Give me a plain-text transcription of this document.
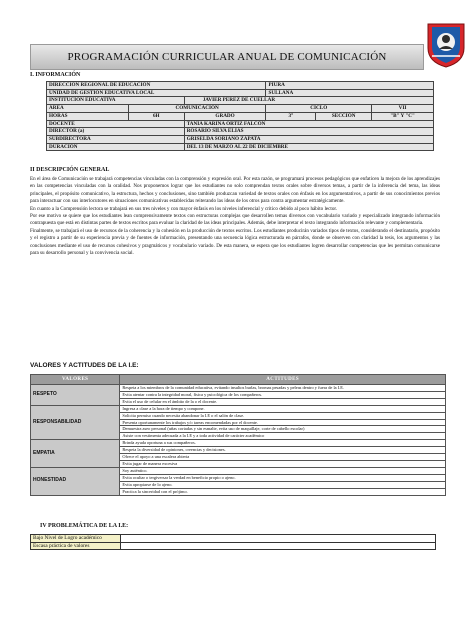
PROGRAMACIÓN CURRICULAR ANUAL DE COMUNICACIÓN
I. INFORMACIÓN
DIRECCIÓN REGIONAL DE EDUCACIÓN			PIURA		
UNIDAD DE GESTIÓN EDUCATIVA LOCAL			SULLANA		
INSTITUCIÓN EDUCATIVA		JAVIER PEREZ DE CUELLAR			
ÁREA	COMUNICACIÓN		CICLO		VII
HORAS	6H	GRADO	3°	SECCIÓN	"B" Y "C"
DOCENTE		TANIA KARINA ORTIZ FALCÓN			
DIRECTOR (a)		ROSARIO SILVA ELIAS			
SUBDIRECTORA		GRISELDA SORIANO ZAPATA			
DURACIÓN		DEL 13 DE MARZO AL 22 DE DICIEMBRE			
II DESCRIPCIÓN GENERAL

En el área de Comunicación se trabajará competencias vinculadas con la comprensión y expresión oral. Por esta razón, se programará procesos pedagógicos que enfaticen la mejora de los aprendizajes en las competencias vinculadas con la oralidad. Nos proponemos lograr que los estudiantes no solo comprendan textos orales sobre diversos temas, a partir de la inferencia del tema, las ideas principales, el propósito comunicativo, la estructura, hechos y conclusiones, sino también produzcan variedad de textos orales con énfasis en los argumentativos, a partir de sus conocimientos previos para interactuar con sus interlocutores en situaciones comunicativas establecidas reiterando las ideas de los otros para contra argumentar estratégicamente.

En cuanto a la Comprensión lectora se trabajará en sus tres niveles y con mayor énfasis en los niveles inferencial y crítico debido al poco hábito lector.

Por ese motivo se quiere que los estudiantes lean comprensivamente textos con estructuras complejas que desarrollen temas diversos con vocabulario variado y especializado integrando información contrapuesta que está en distintas partes de textos escritos para evaluar la claridad de las ideas principales. Además, debe interpretar el texto integrando información relevante y complementaria.

Finalmente, se trabajará el uso de recursos de la coherencia y la cohesión en la producción de textos escritos. Los estudiantes producirán variados tipos de textos, considerando el destinatario, propósito y el registro a partir de su experiencia previa y de fuentes de información, presentando una secuencia lógica estructurada en párrafos, donde se observen con claridad la tesis, los argumentos y las conclusiones mediante el uso de recursos cohesivos y pragmáticos y vocabulario variado. De esta manera, se espera que los estudiantes logren desarrollar competencias que les permitan comunicarse para su desarrollo personal y la convivencia social.

VALORES Y ACTITUDES DE LA I.E:
VALORES	ACTITUDES
RESPETO	Respeta a los miembros de la comunidad educativa, evitando insultos burlas, bromas pesadas y peleas dentro y fuera de la I.E.
	Evita atentar contra la integridad moral, física y psicológica de los compañeros.
	Evita el uso de celular en el ámbito de la o el docente.
RESPONSABILIDAD	Ingresa a clase a la hora de tiempo y compone.
	Solicita permiso cuando necesita abandonar la I.E o el salón de clase.
	Presenta oportunamente los trabajos y/o tareas encomendadas por el docente.
	Demuestra aseo personal (uñas cortadas y sin esmalte, evita uso de maquillaje, corte de cabello escolar)
	Asiste con vestimenta adecuada a la I.E y a toda actividad de carácter académico
EMPATIA	Brinda ayuda oportuna a sus compañeros.
	Respeta la diversidad de opiniones, creencias y decisiones.
	Ofrece el apoyo a una escalera abierta
	Evita jugar de manera excesiva
HONESTIDAD	Soy auténtico.
	Evita ocultar o tergiversar la verdad en beneficio propio o ajeno.
	Evita apropiarse de lo ajeno.
	Practica la sinceridad con el prójimo.
IV PROBLEMÁTICA DE LA I.E:
Bajo Nivel de Logro académico	
Escasa práctica de valores	
